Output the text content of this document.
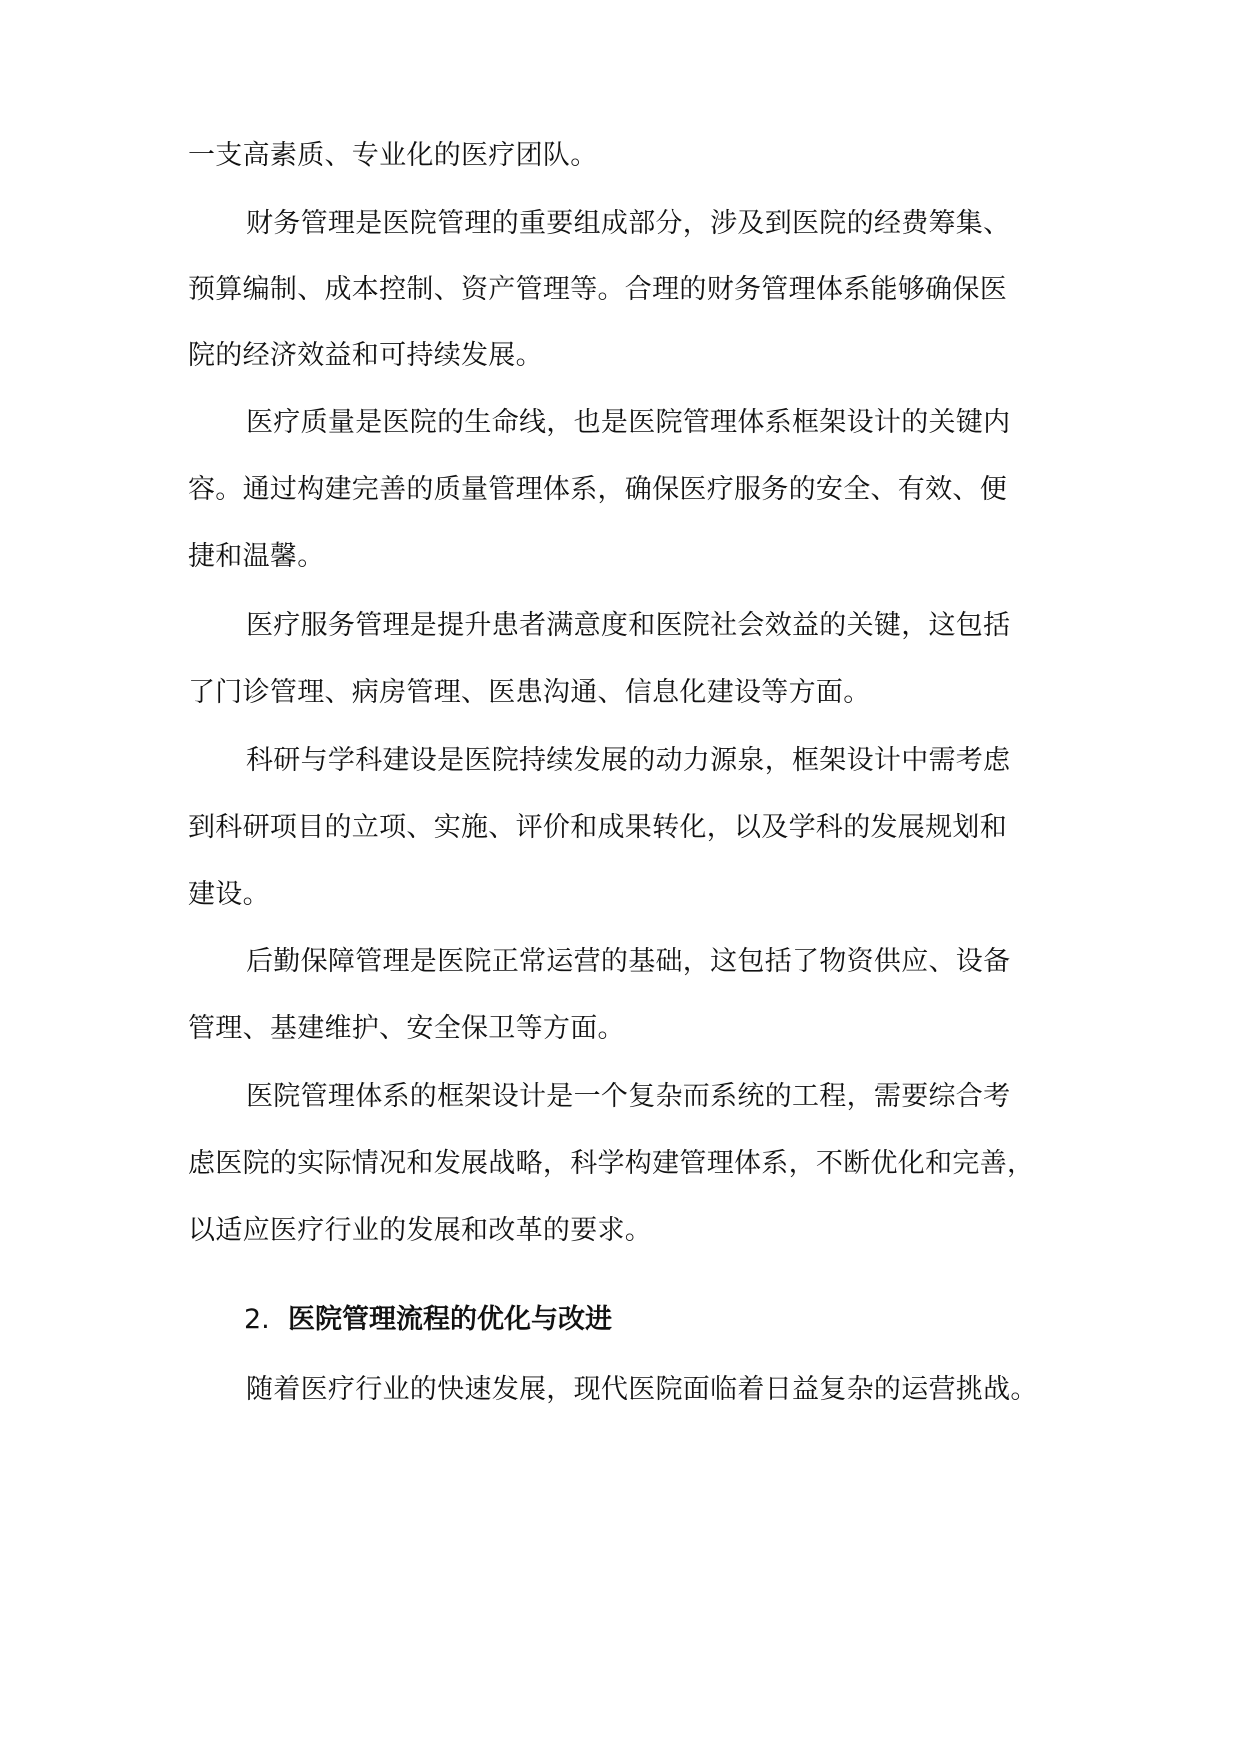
一支高素质、专业化的医疗团队。
财务管理是医院管理的重要组成部分，涉及到医院的经费筹集、
预算编制、成本控制、资产管理等。合理的财务管理体系能够确保医
院的经济效益和可持续发展。
医疗质量是医院的生命线，也是医院管理体系框架设计的关键内
容。通过构建完善的质量管理体系，确保医疗服务的安全、有效、便
捷和温馨。
医疗服务管理是提升患者满意度和医院社会效益的关键，这包括
了门诊管理、病房管理、医患沟通、信息化建设等方面。
科研与学科建设是医院持续发展的动力源泉，框架设计中需考虑
到科研项目的立项、实施、评价和成果转化，以及学科的发展规划和
建设。
后勤保障管理是医院正常运营的基础，这包括了物资供应、设备
管理、基建维护、安全保卫等方面。
医院管理体系的框架设计是一个复杂而系统的工程，需要综合考
虑医院的实际情况和发展战略，科学构建管理体系，不断优化和完善，
以适应医疗行业的发展和改革的要求。
2. 医院管理流程的优化与改进
随着医疗行业的快速发展，现代医院面临着日益复杂的运营挑战。
